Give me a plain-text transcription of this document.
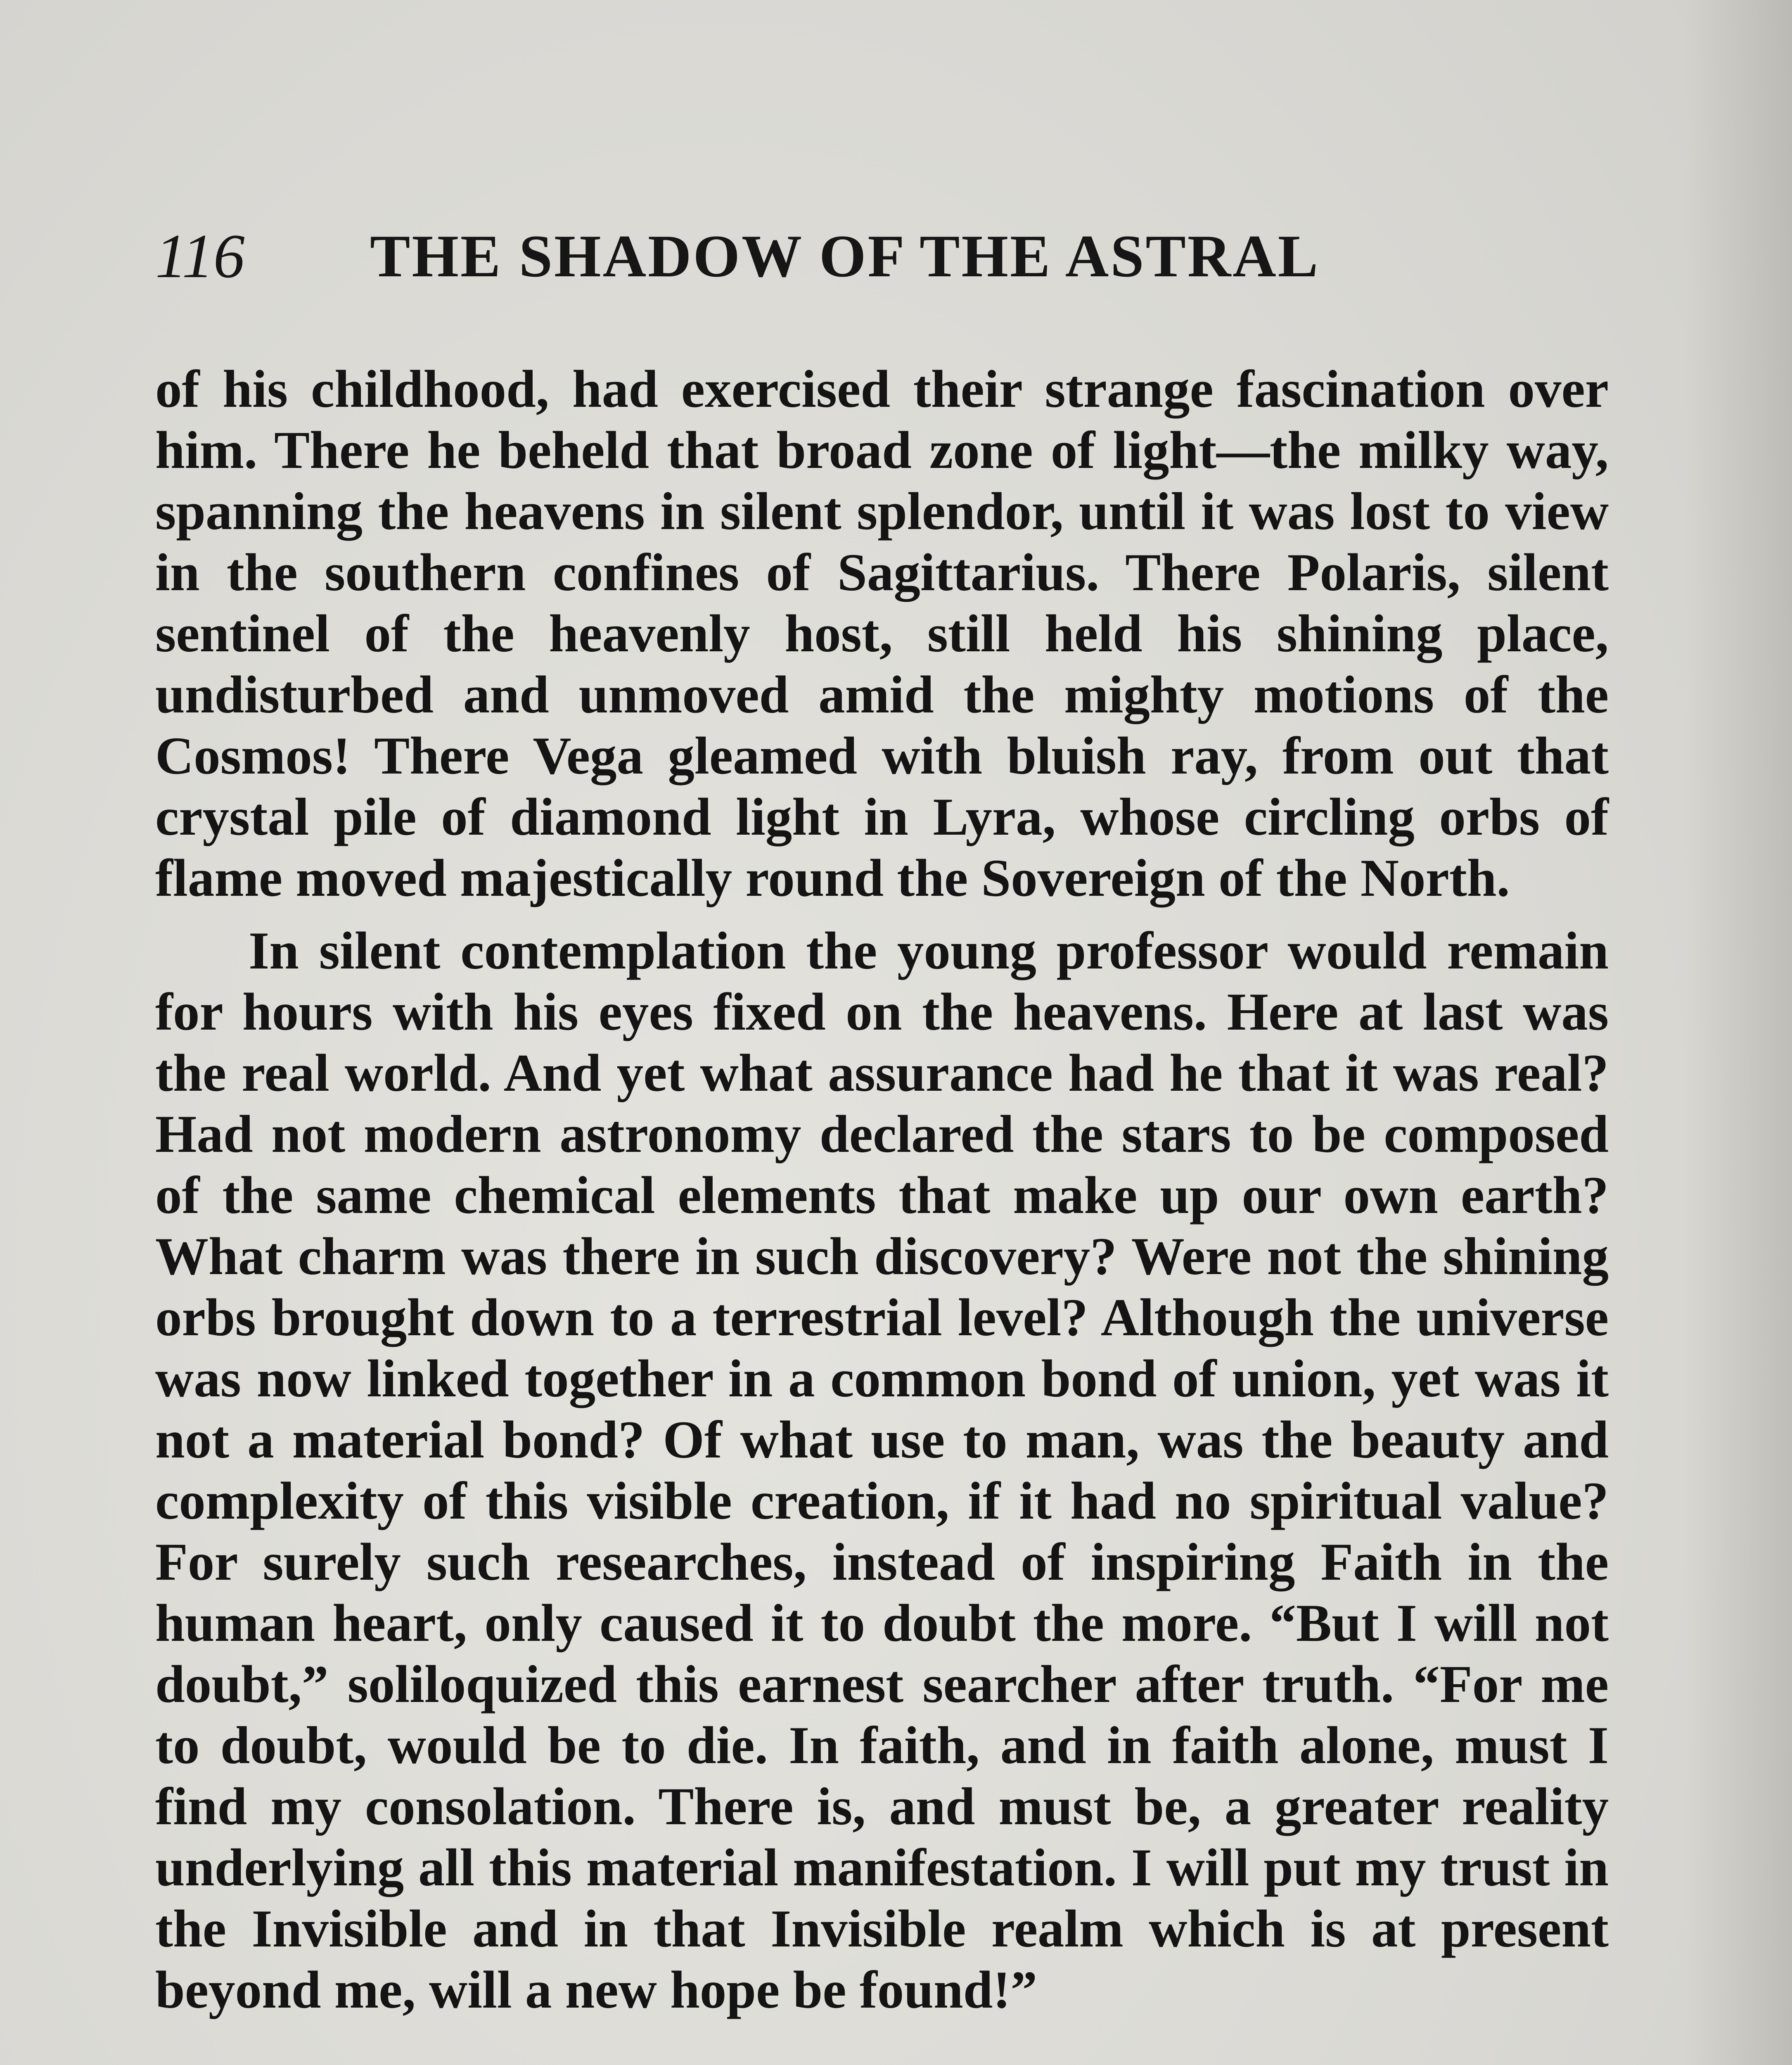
116 THE SHADOW OF THE ASTRAL

of his childhood, had exercised their strange fascination over him. There he beheld that broad zone of light—the milky way, spanning the heavens in silent splendor, until it was lost to view in the southern confines of Sagittarius. There Polaris, silent sentinel of the heavenly host, still held his shining place, undisturbed and unmoved amid the mighty motions of the Cosmos! There Vega gleamed with bluish ray, from out that crystal pile of diamond light in Lyra, whose circling orbs of flame moved majestically round the Sovereign of the North.

In silent contemplation the young professor would remain for hours with his eyes fixed on the heavens. Here at last was the real world. And yet what assurance had he that it was real? Had not modern astronomy declared the stars to be composed of the same chemical elements that make up our own earth? What charm was there in such discovery? Were not the shining orbs brought down to a terrestrial level? Although the universe was now linked together in a common bond of union, yet was it not a material bond? Of what use to man, was the beauty and complexity of this visible creation, if it had no spiritual value? For surely such researches, instead of inspiring Faith in the human heart, only caused it to doubt the more. “But I will not doubt,” soliloquized this earnest searcher after truth. “For me to doubt, would be to die. In faith, and in faith alone, must I find my consolation. There is, and must be, a greater reality underlying all this material manifestation. I will put my trust in the Invisible and in that Invisible realm which is at present beyond me, will a new hope be found!”
